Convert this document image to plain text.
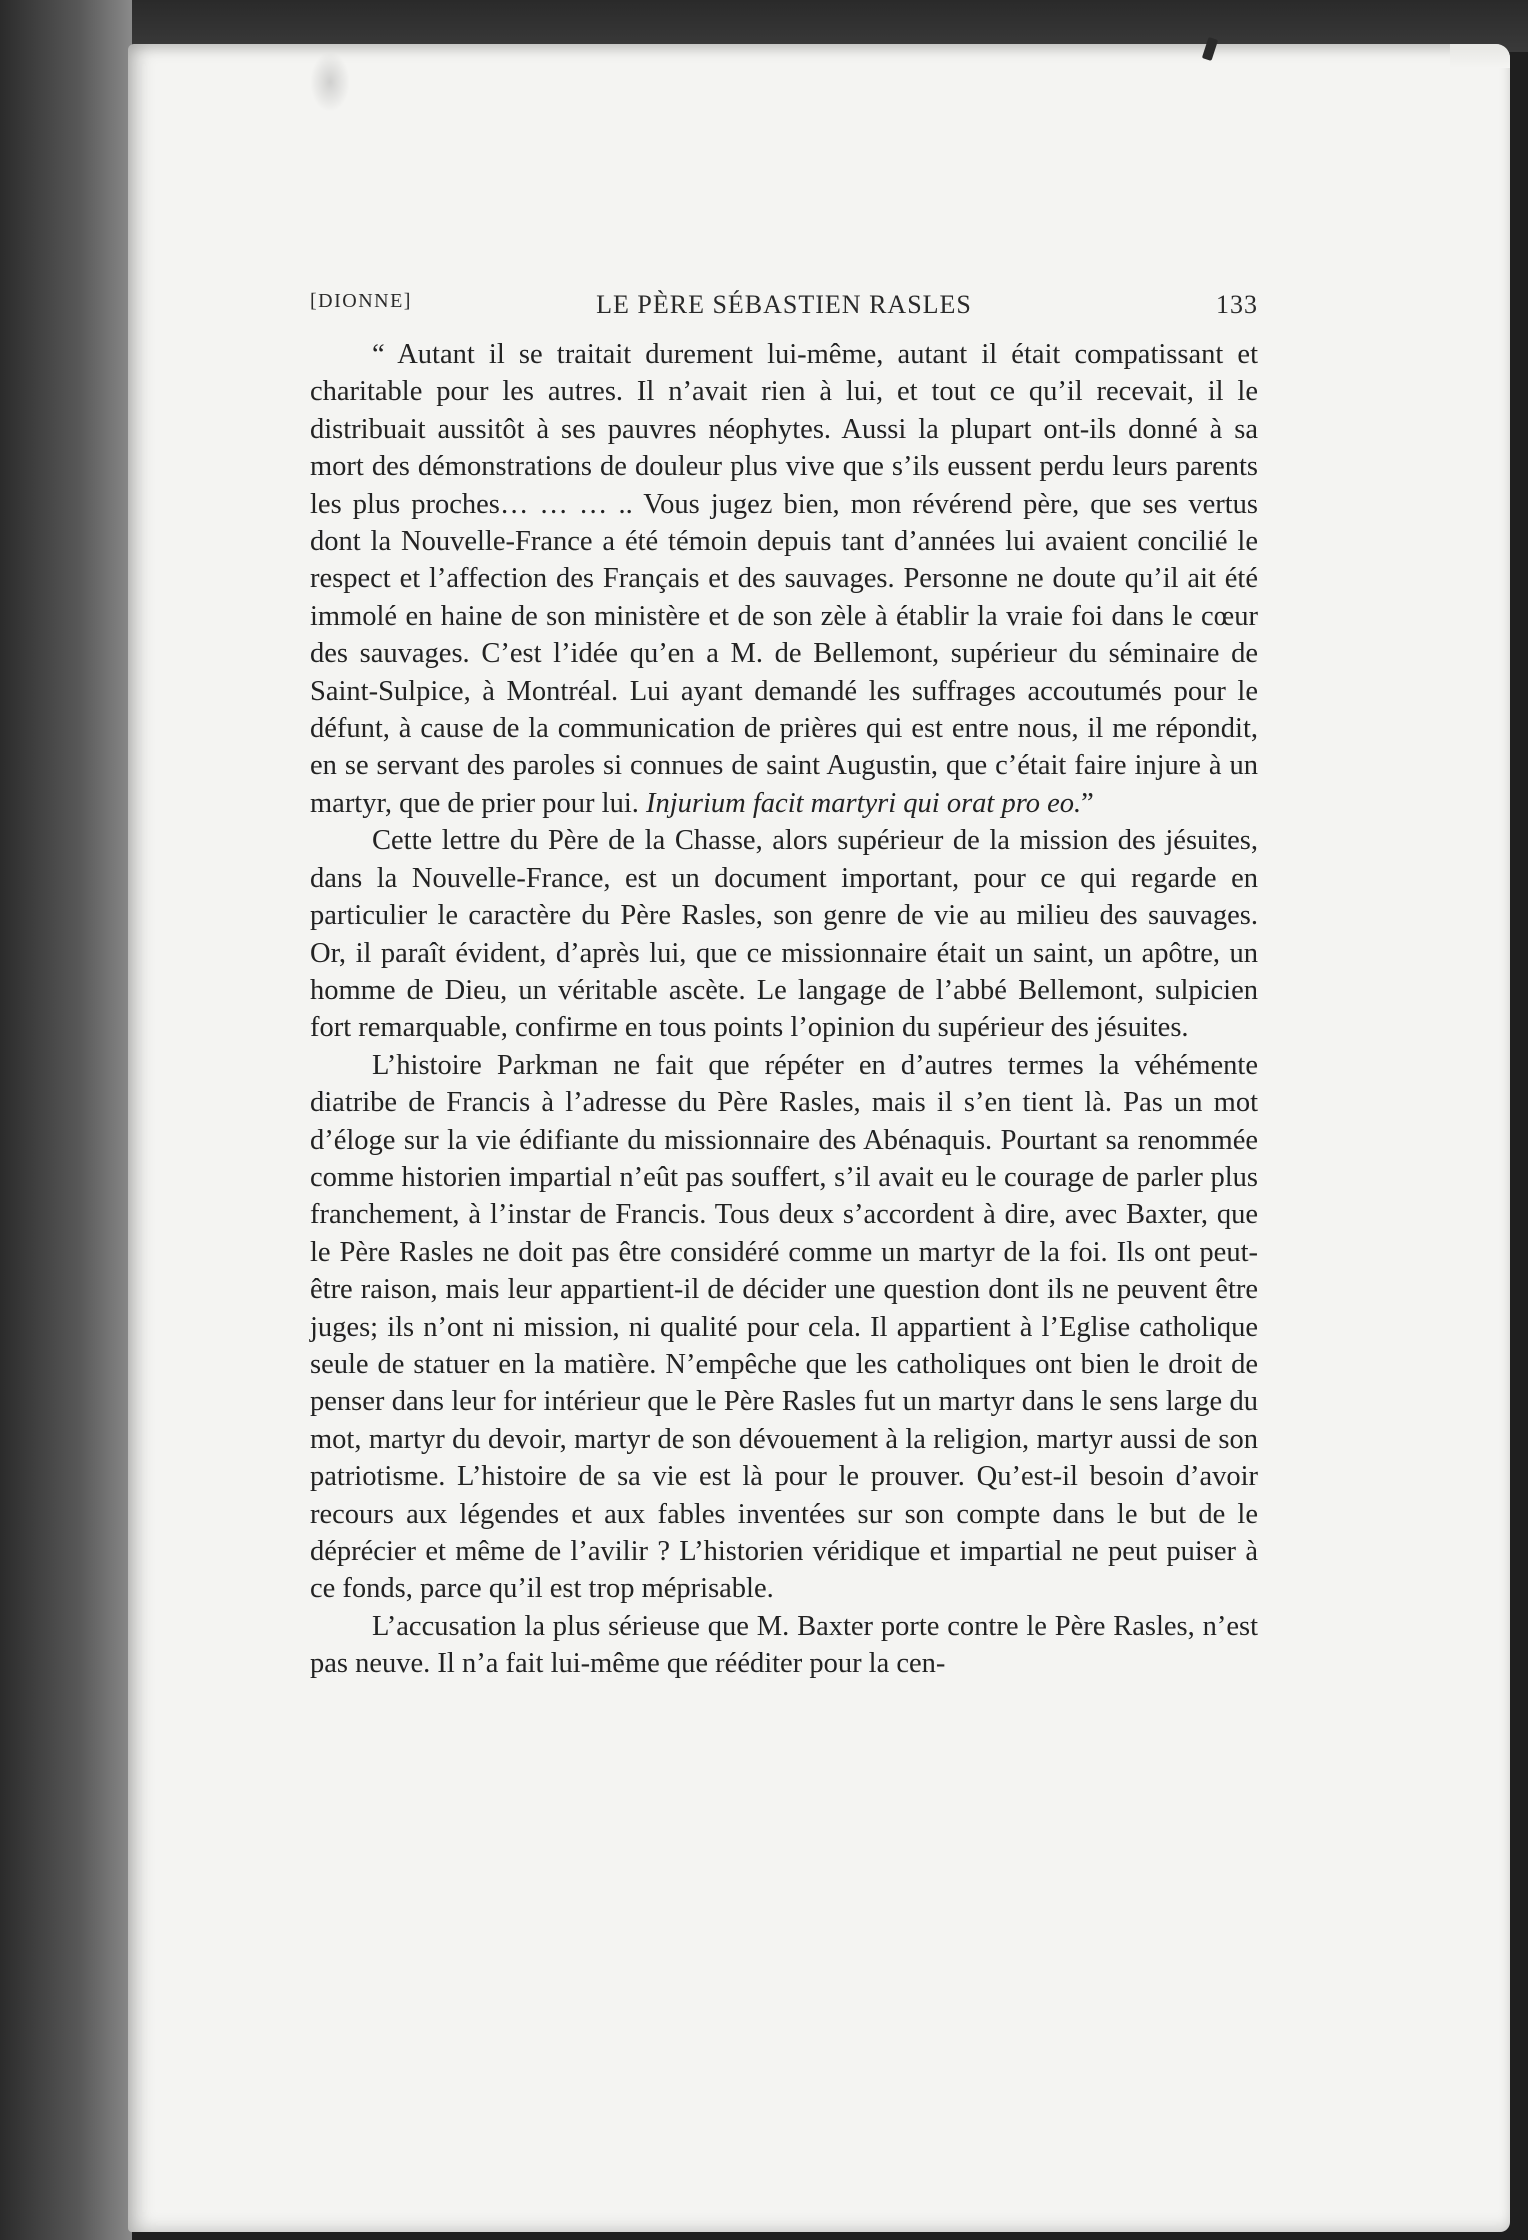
[DIONNE]	LE PÈRE SÉBASTIEN RASLES	133

“ Autant il se traitait durement lui-même, autant il était compatissant et charitable pour les autres. Il n’avait rien à lui, et tout ce qu’il recevait, il le distribuait aussitôt à ses pauvres néophytes. Aussi la plupart ont-ils donné à sa mort des démonstrations de douleur plus vive que s’ils eussent perdu leurs parents les plus proches… … … .. Vous jugez bien, mon révérend père, que ses vertus dont la Nouvelle-France a été témoin depuis tant d’années lui avaient concilié le respect et l’affection des Français et des sauvages. Personne ne doute qu’il ait été immolé en haine de son ministère et de son zèle à établir la vraie foi dans le cœur des sauvages. C’est l’idée qu’en a M. de Bellemont, supérieur du séminaire de Saint-Sulpice, à Montréal. Lui ayant demandé les suffrages accoutumés pour le défunt, à cause de la communication de prières qui est entre nous, il me répondit, en se servant des paroles si connues de saint Augustin, que c’était faire injure à un martyr, que de prier pour lui. Injurium facit martyri qui orat pro eo.”

Cette lettre du Père de la Chasse, alors supérieur de la mission des jésuites, dans la Nouvelle-France, est un document important, pour ce qui regarde en particulier le caractère du Père Rasles, son genre de vie au milieu des sauvages. Or, il paraît évident, d’après lui, que ce missionnaire était un saint, un apôtre, un homme de Dieu, un véritable ascète. Le langage de l’abbé Bellemont, sulpicien fort remarquable, confirme en tous points l’opinion du supérieur des jésuites.

L’histoire Parkman ne fait que répéter en d’autres termes la véhémente diatribe de Francis à l’adresse du Père Rasles, mais il s’en tient là. Pas un mot d’éloge sur la vie édifiante du missionnaire des Abénaquis. Pourtant sa renommée comme historien impartial n’eût pas souffert, s’il avait eu le courage de parler plus franchement, à l’instar de Francis. Tous deux s’accordent à dire, avec Baxter, que le Père Rasles ne doit pas être considéré comme un martyr de la foi. Ils ont peut-être raison, mais leur appartient-il de décider une question dont ils ne peuvent être juges; ils n’ont ni mission, ni qualité pour cela. Il appartient à l’Eglise catholique seule de statuer en la matière. N’empêche que les catholiques ont bien le droit de penser dans leur for intérieur que le Père Rasles fut un martyr dans le sens large du mot, martyr du devoir, martyr de son dévouement à la religion, martyr aussi de son patriotisme. L’histoire de sa vie est là pour le prouver. Qu’est-il besoin d’avoir recours aux légendes et aux fables inventées sur son compte dans le but de le déprécier et même de l’avilir ? L’historien véridique et impartial ne peut puiser à ce fonds, parce qu’il est trop méprisable.

L’accusation la plus sérieuse que M. Baxter porte contre le Père Rasles, n’est pas neuve. Il n’a fait lui-même que rééditer pour la cen-
